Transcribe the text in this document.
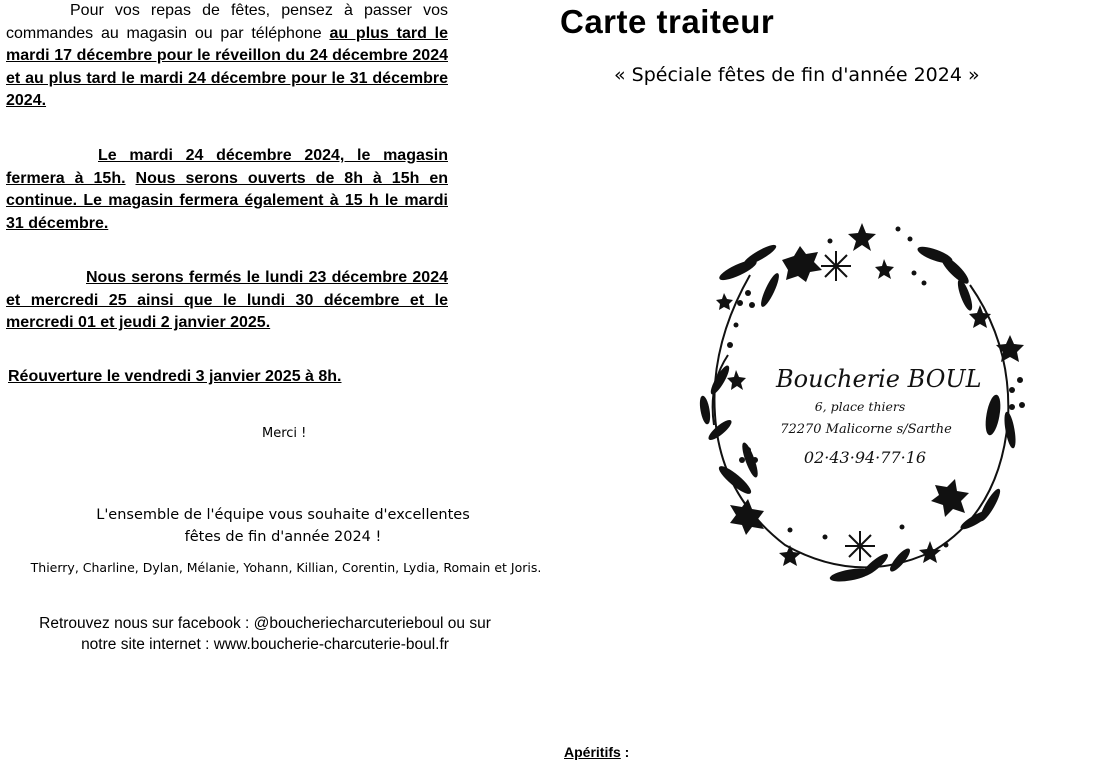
Pour vos repas de fêtes, pensez à passer vos commandes au magasin ou par téléphone au plus tard le mardi 17 décembre pour le réveillon du 24 décembre 2024 et au plus tard le mardi 24 décembre pour le 31 décembre 2024.

Le mardi 24 décembre 2024, le magasin fermera à 15h. Nous serons ouverts de 8h à 15h en continue. Le magasin fermera également à 15 h le mardi 31 décembre.

Nous serons fermés le lundi 23 décembre 2024 et mercredi 25 ainsi que le lundi 30 décembre et le mercredi 01 et jeudi 2 janvier 2025.

Réouverture le vendredi 3 janvier 2025 à 8h.
Merci !
L'ensemble de l'équipe vous souhaite d'excellentes
fêtes de fin d'année 2024 !
Thierry, Charline, Dylan, Mélanie, Yohann, Killian, Corentin, Lydia, Romain et Joris.
Retrouvez nous sur facebook : @boucheriecharcuterieboul ou sur
notre site internet : www.boucherie-charcuterie-boul.fr
Carte traiteur
« Spéciale fêtes de fin d'année 2024 »
Boucherie BOUL
6, place thiers
72270 Malicorne s/Sarthe
02·43·94·77·16
Apéritifs :
